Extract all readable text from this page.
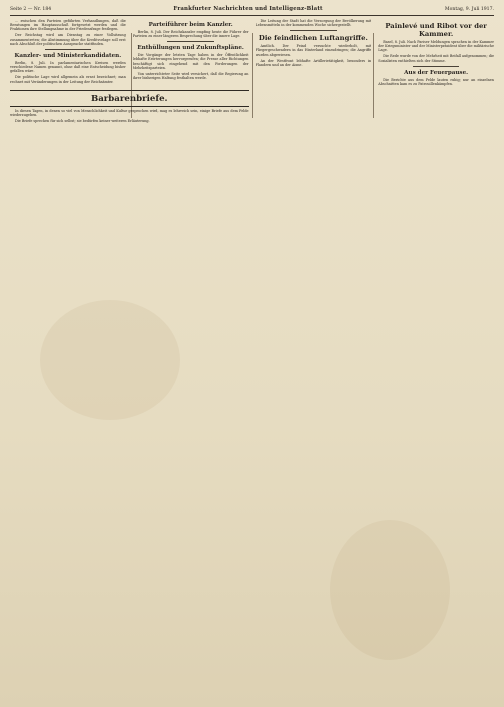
Seite 2 — Nr. 184	Frankfurter Nachrichten und Intelligenz-Blatt	Montag, 9. Juli 1917.

… zwischen den Parteien geführten Verhandlungen, daß die Beratungen im Hauptausschuß fortgesetzt werden und die Fraktionen ihre Stellungnahme in der Friedensfrage festlegen.

Der Reichstag wird am Dienstag zu einer Vollsitzung zusammentreten; die Abstimmung über die Kreditvorlage soll erst nach Abschluß der politischen Aussprache stattfinden.

Kanzler- und Ministerkandidaten.

Berlin, 8. Juli. In parlamentarischen Kreisen werden verschiedene Namen genannt, ohne daß eine Entscheidung bisher gefallen wäre.

Die politische Lage wird allgemein als ernst bezeichnet; man rechnet mit Veränderungen in der Leitung der Reichsämter.

Parteiführer beim Kanzler.

Berlin, 8. Juli. Der Reichskanzler empfing heute die Führer der Parteien zu einer längeren Besprechung über die innere Lage.

Enthüllungen und Zukunftspläne.

Die Vorgänge der letzten Tage haben in der Öffentlichkeit lebhafte Erörterungen hervorgerufen; die Presse aller Richtungen beschäftigt sich eingehend mit den Forderungen der Mehrheitsparteien.

Von unterrichteter Seite wird versichert, daß die Regierung an ihrer bisherigen Haltung festhalten werde.

Die Leitung der Stadt hat die Versorgung der Bevölkerung mit Lebensmitteln in der kommenden Woche sichergestellt.

Die feindlichen Luftangriffe.

Amtlich. Der Feind versuchte wiederholt, mit Fliegergeschwadern in das Hinterland einzudringen; die Angriffe wurden abgewiesen.

An der Westfront lebhafte Artillerietätigkeit, besonders in Flandern und an der Aisne.

Painlevé und Ribot vor der Kammer.

Basel, 8. Juli. Nach Pariser Meldungen sprachen in der Kammer der Kriegsminister und der Ministerpräsident über die militärische Lage.

Die Rede wurde von der Mehrheit mit Beifall aufgenommen; die Sozialisten enthielten sich der Stimme.

Aus der Feuerpause.

Die Berichte aus dem Felde lauten ruhig; nur an einzelnen Abschnitten kam es zu Patrouillenkämpfen.

Barbarenbriefe.

In diesen Tagen, in denen so viel von Menschlichkeit und Kultur gesprochen wird, mag es lehrreich sein, einige Briefe aus dem Felde wiederzugeben.

Die Briefe sprechen für sich selbst; sie bedürfen keiner weiteren Erläuterung.
